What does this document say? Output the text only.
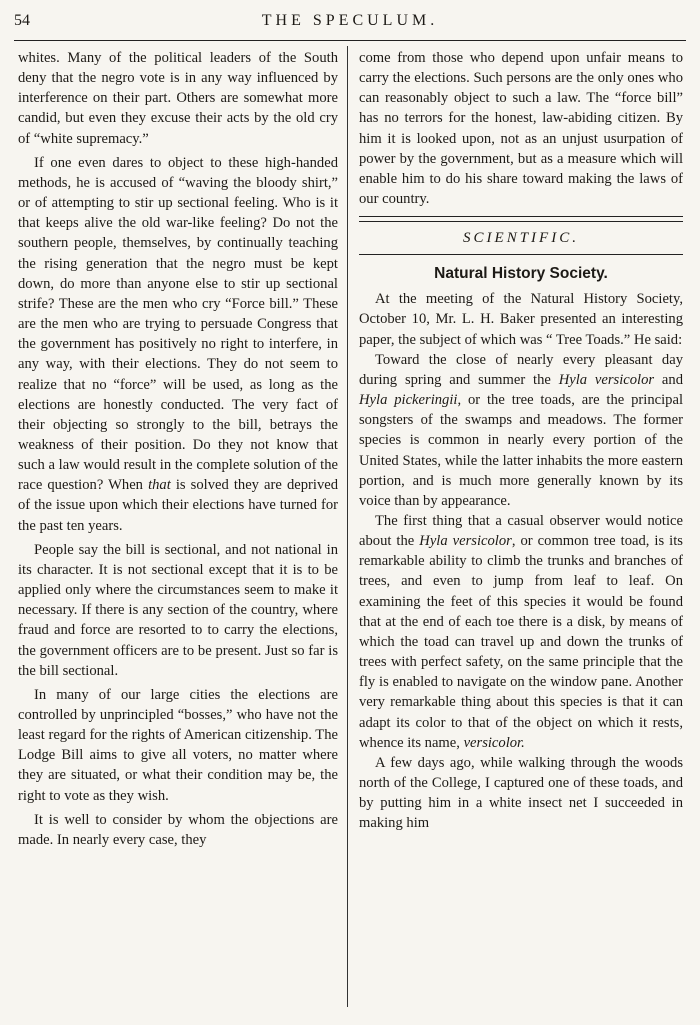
54	THE SPECULUM.

whites. Many of the political leaders of the South deny that the negro vote is in any way influenced by interference on their part. Others are somewhat more candid, but even they excuse their acts by the old cry of “white supremacy.”

If one even dares to object to these high-handed methods, he is accused of “waving the bloody shirt,” or of attempting to stir up sectional feeling. Who is it that keeps alive the old war-like feeling? Do not the southern people, themselves, by continually teaching the rising generation that the negro must be kept down, do more than anyone else to stir up sectional strife? These are the men who cry “Force bill.” These are the men who are trying to persuade Congress that the government has positively no right to interfere, in any way, with their elections. They do not seem to realize that no “force” will be used, as long as the elections are honestly conducted. The very fact of their objecting so strongly to the bill, betrays the weakness of their position. Do they not know that such a law would result in the complete solution of the race question? When that is solved they are deprived of the issue upon which their elections have turned for the past ten years.

People say the bill is sectional, and not national in its character. It is not sectional except that it is to be applied only where the circumstances seem to make it necessary. If there is any section of the country, where fraud and force are resorted to to carry the elections, the government officers are to be present. Just so far is the bill sectional.

In many of our large cities the elections are controlled by unprincipled “bosses,” who have not the least regard for the rights of American citizenship. The Lodge Bill aims to give all voters, no matter where they are situated, or what their condition may be, the right to vote as they wish.

It is well to consider by whom the objections are made. In nearly every case, they

come from those who depend upon unfair means to carry the elections. Such persons are the only ones who can reasonably object to such a law. The “force bill” has no terrors for the honest, law-abiding citizen. By him it is looked upon, not as an unjust usurpation of power by the government, but as a measure which will enable him to do his share toward making the laws of our country.

SCIENTIFIC.
Natural History Society.

At the meeting of the Natural History Society, October 10, Mr. L. H. Baker presented an interesting paper, the subject of which was “ Tree Toads.” He said:

Toward the close of nearly every pleasant day during spring and summer the Hyla versicolor and Hyla pickeringii, or the tree toads, are the principal songsters of the swamps and meadows. The former species is common in nearly every portion of the United States, while the latter inhabits the more eastern portion, and is much more generally known by its voice than by appearance.

The first thing that a casual observer would notice about the Hyla versicolor, or common tree toad, is its remarkable ability to climb the trunks and branches of trees, and even to jump from leaf to leaf. On examining the feet of this species it would be found that at the end of each toe there is a disk, by means of which the toad can travel up and down the trunks of trees with perfect safety, on the same principle that the fly is enabled to navigate on the window pane. Another very remarkable thing about this species is that it can adapt its color to that of the object on which it rests, whence its name, versicolor.

A few days ago, while walking through the woods north of the College, I captured one of these toads, and by putting him in a white insect net I succeeded in making him
